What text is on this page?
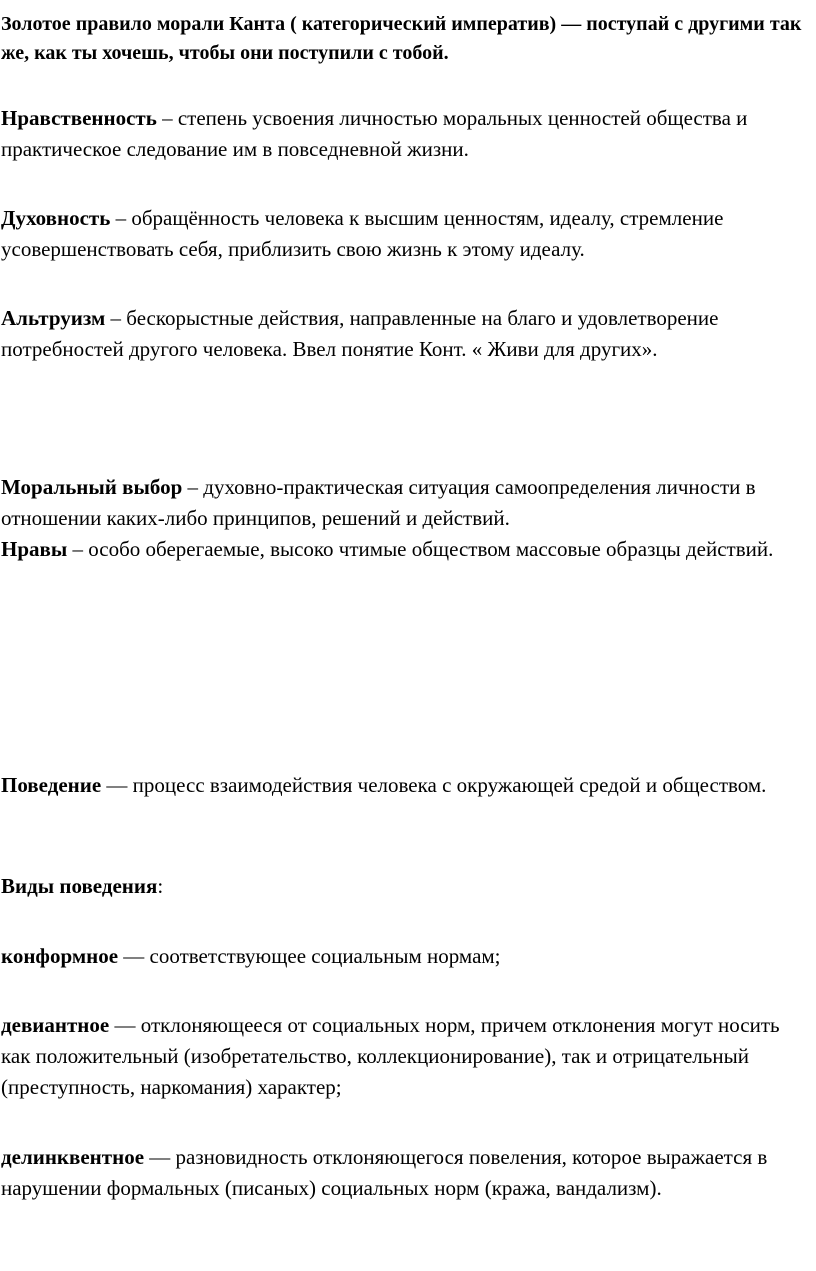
Золотое правило морали Канта ( категорический императив) — поступай с другими так же, как ты хочешь, чтобы они поступили с тобой.

Нравственность – степень усвоения личностью моральных ценностей общества и практическое следование им в повседневной жизни.

Духовность – обращённость человека к высшим ценностям, идеалу, стремление усовершенствовать себя, приблизить свою жизнь к этому идеалу.

Альтруизм – бескорыстные действия, направленные на благо и удовлетворение потребностей другого человека. Ввел понятие Конт. « Живи для других».

Моральный выбор – духовно-практическая ситуация самоопределения личности в отношении каких-либо принципов, решений и действий.

Нравы – особо оберегаемые, высоко чтимые обществом массовые образцы действий.

Поведение — процесс взаимодействия человека с окружающей средой и обществом.

Виды поведения:

конформное — соответствующее социальным нормам;

девиантное — отклоняющееся от социальных норм, причем отклонения могут носить как положительный (изобретательство, коллекционирование), так и отрицательный (преступность, наркомания) характер;

делинквентное — разновидность отклоняющегося повеления, которое выражается в нарушении формальных (писаных) социальных норм (кража, вандализм).
